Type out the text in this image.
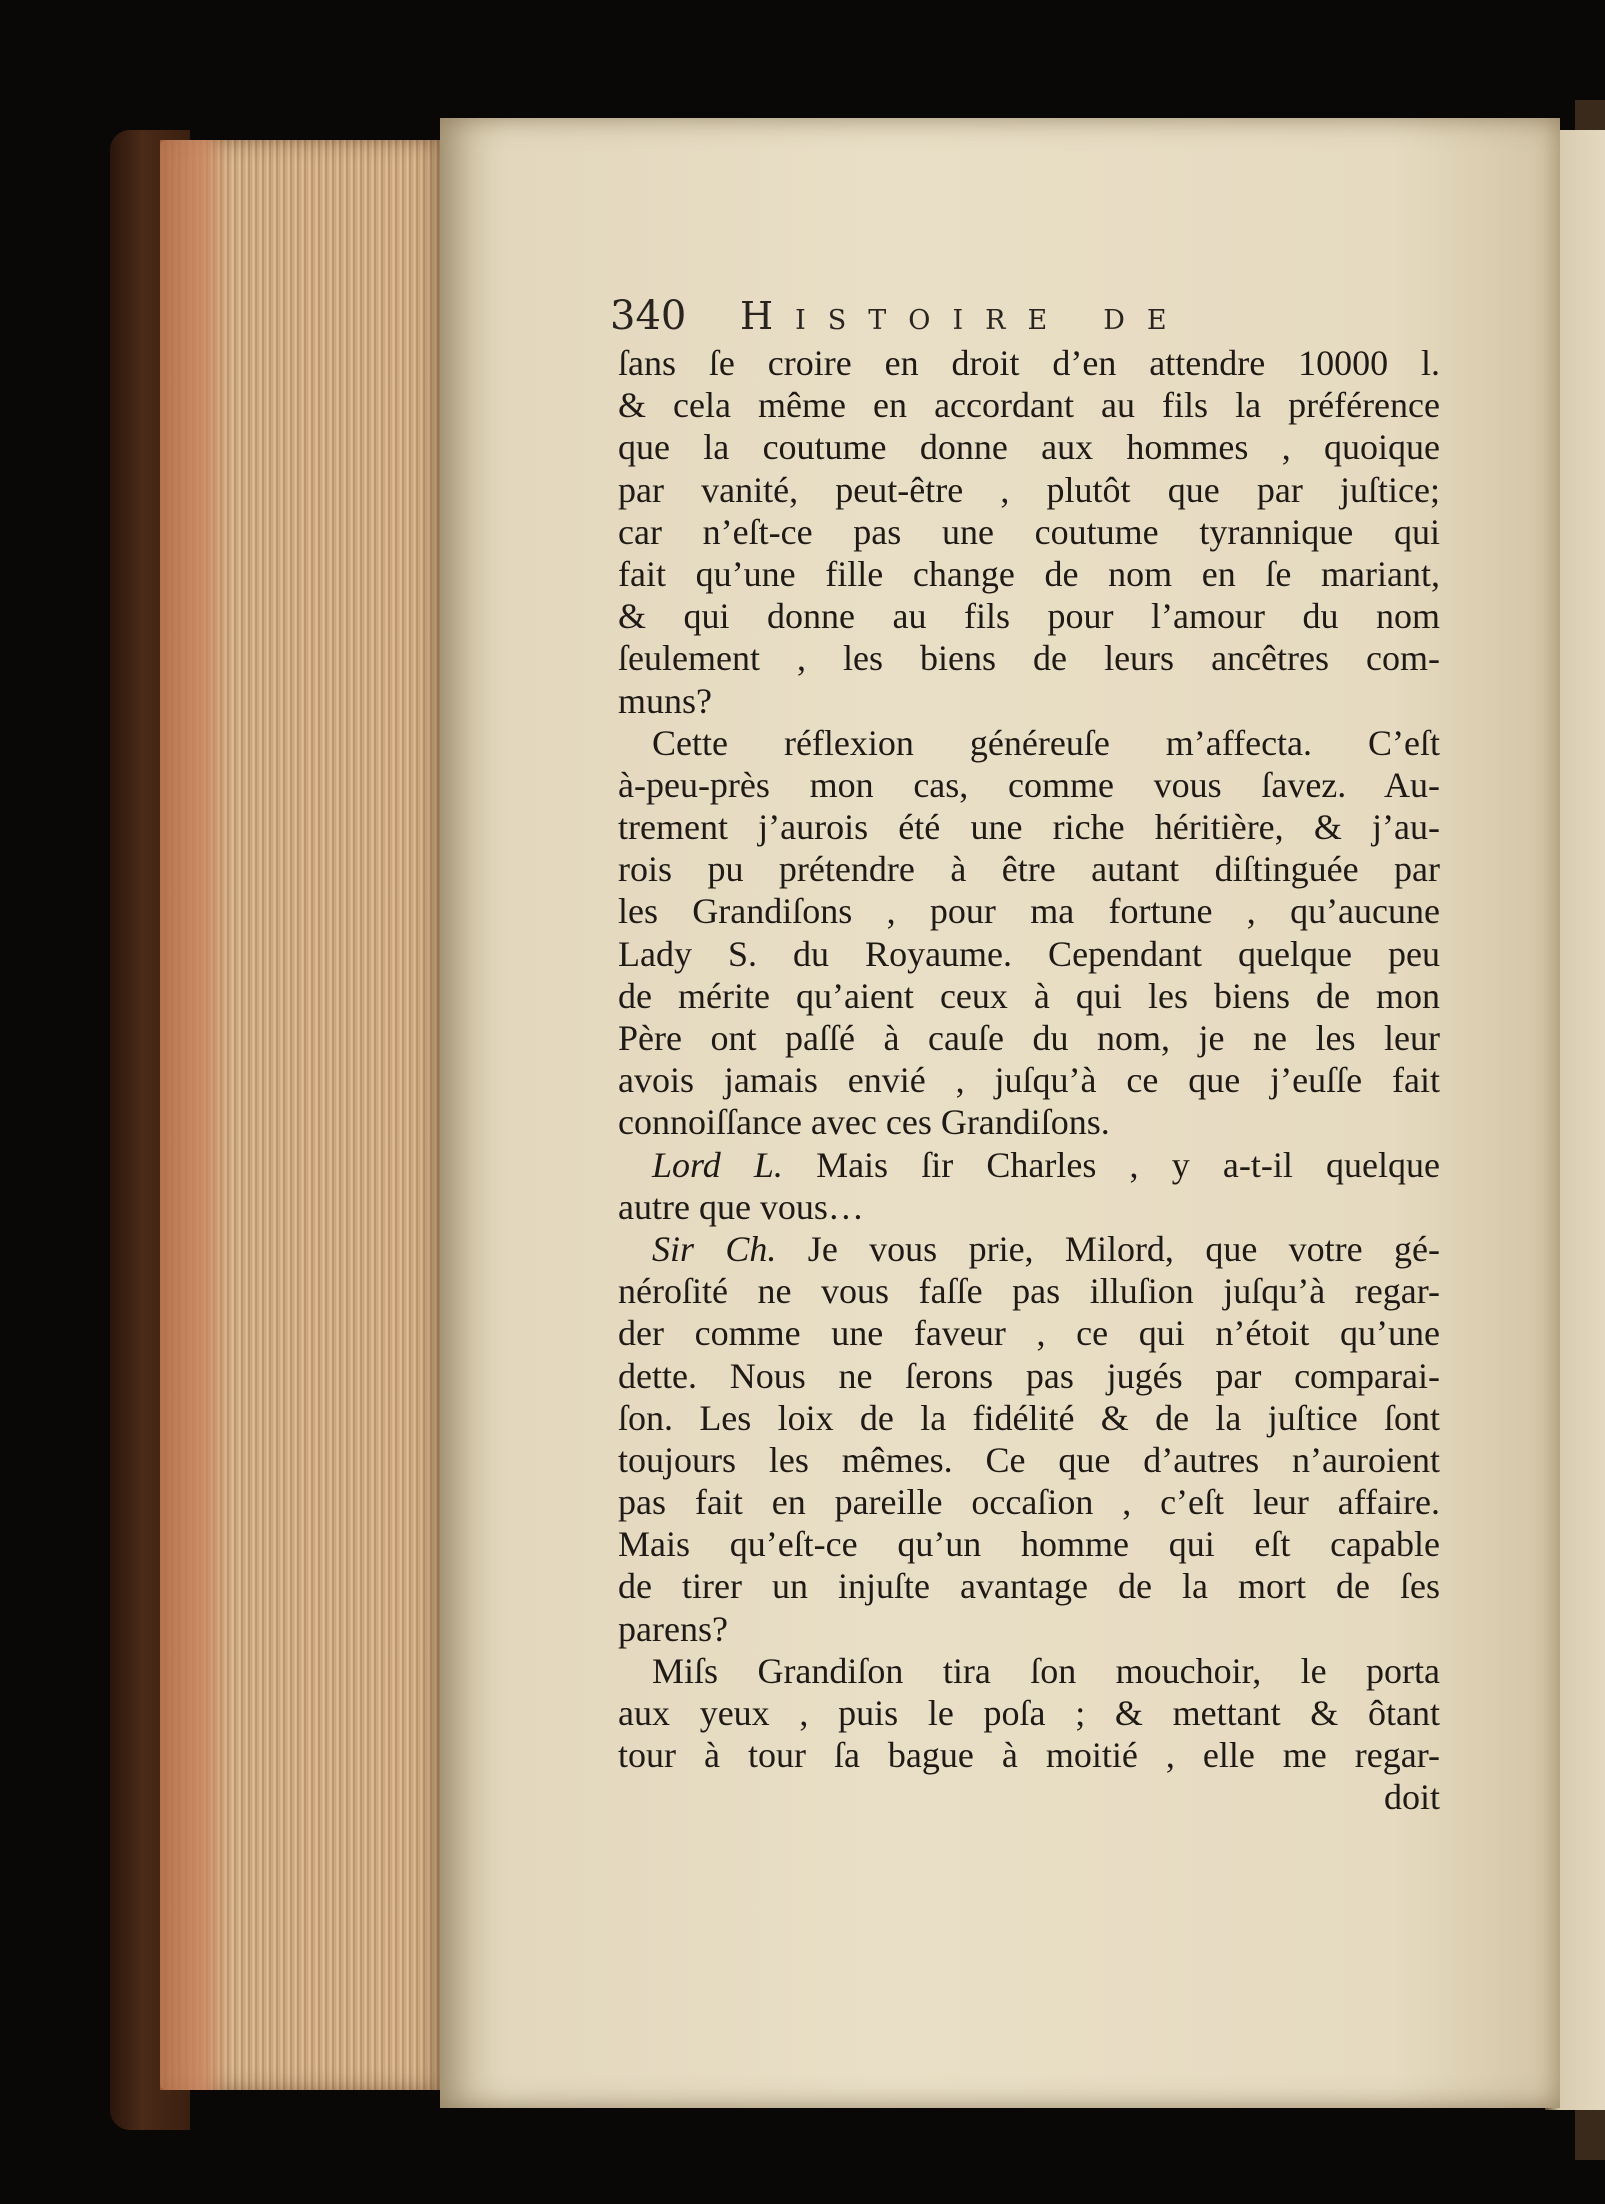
340 Histoire de
ſans ſe croire en droit d’en attendre 10000 l.
& cela même en accordant au fils la préférence
que la coutume donne aux hommes , quoique
par vanité, peut-être , plutôt que par juſtice;
car n’eſt-ce pas une coutume tyrannique qui
fait qu’une fille change de nom en ſe mariant,
& qui donne au fils pour l’amour du nom
ſeulement , les biens de leurs ancêtres com-
muns?
Cette réflexion généreuſe m’affecta. C’eſt
à-peu-près mon cas, comme vous ſavez. Au-
trement j’aurois été une riche héritière, & j’au-
rois pu prétendre à être autant diſtinguée par
les Grandiſons , pour ma fortune , qu’aucune
Lady S. du Royaume. Cependant quelque peu
de mérite qu’aient ceux à qui les biens de mon
Père ont paſſé à cauſe du nom, je ne les leur
avois jamais envié , juſqu’à ce que j’euſſe fait
connoiſſance avec ces Grandiſons.
Lord L. Mais ſir Charles , y a-t-il quelque
autre que vous…
Sir Ch. Je vous prie, Milord, que votre gé-
néroſité ne vous faſſe pas illuſion juſqu’à regar-
der comme une faveur , ce qui n’étoit qu’une
dette. Nous ne ſerons pas jugés par comparai-
ſon. Les loix de la fidélité & de la juſtice ſont
toujours les mêmes. Ce que d’autres n’auroient
pas fait en pareille occaſion , c’eſt leur affaire.
Mais qu’eſt-ce qu’un homme qui eſt capable
de tirer un injuſte avantage de la mort de ſes
parens?
Miſs Grandiſon tira ſon mouchoir, le porta
aux yeux , puis le poſa ; & mettant & ôtant
tour à tour ſa bague à moitié , elle me regar-
doit
